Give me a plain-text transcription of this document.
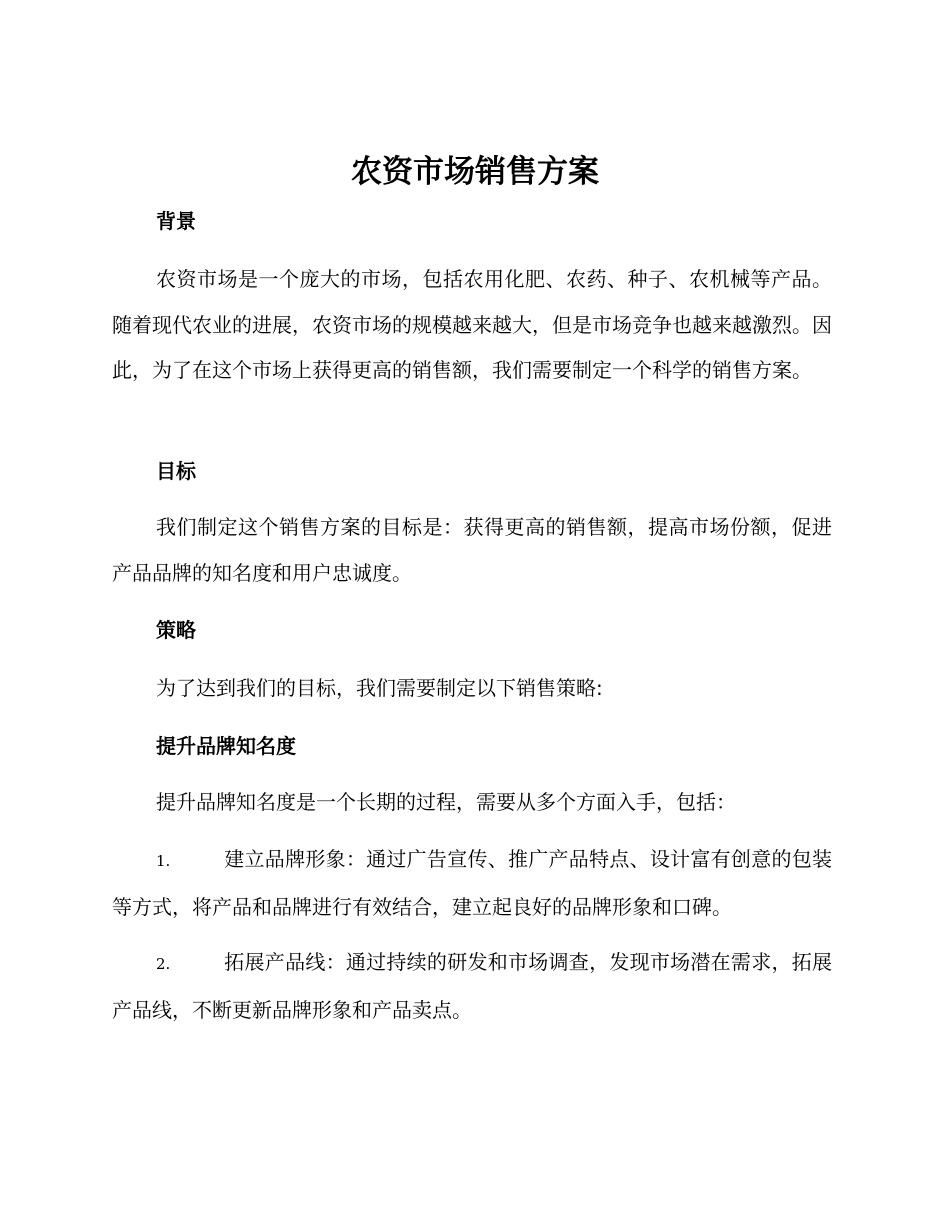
农资市场销售方案
背景

农资市场是一个庞大的市场，包括农用化肥、农药、种子、农机械等产品。随着现代农业的进展，农资市场的规模越来越大，但是市场竞争也越来越激烈。因此，为了在这个市场上获得更高的销售额，我们需要制定一个科学的销售方案。

目标

我们制定这个销售方案的目标是：获得更高的销售额，提高市场份额，促进产品品牌的知名度和用户忠诚度。

策略

为了达到我们的目标，我们需要制定以下销售策略:

提升品牌知名度

提升品牌知名度是一个长期的过程，需要从多个方面入手，包括：

1.	建立品牌形象：通过广告宣传、推广产品特点、设计富有创意的包装等方式，将产品和品牌进行有效结合，建立起良好的品牌形象和口碑。

2.	拓展产品线：通过持续的研发和市场调查，发现市场潜在需求，拓展产品线，不断更新品牌形象和产品卖点。
